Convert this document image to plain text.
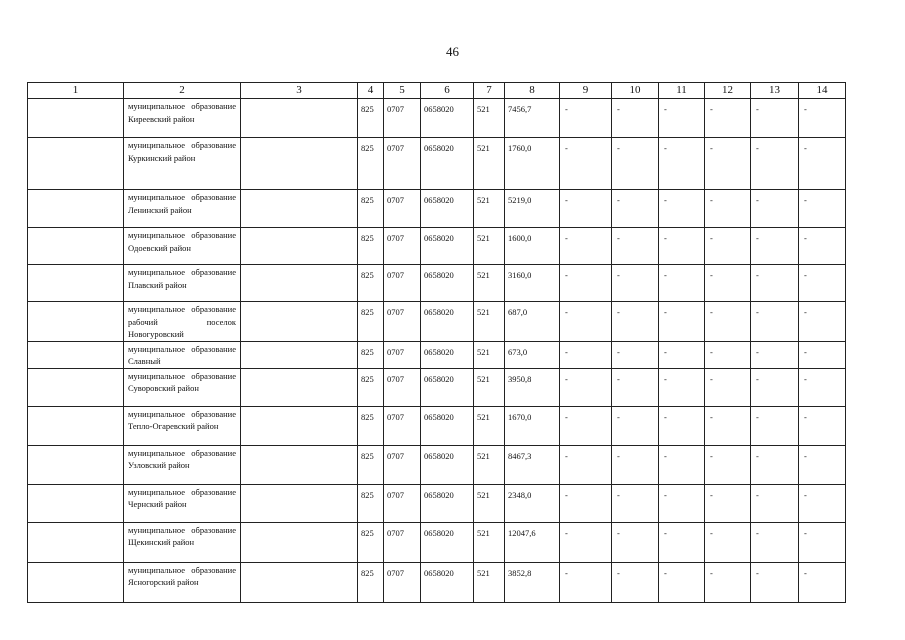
46
1	2	3	4	5	6	7	8	9	10	11	12	13	14
	муниципальное образование Киреевский район		825	0707	0658020	521	7456,7	-	-	-	-	-	-
	муниципальное образование Куркинский район		825	0707	0658020	521	1760,0	-	-	-	-	-	-
	муниципальное образование Ленинский район		825	0707	0658020	521	5219,0	-	-	-	-	-	-
	муниципальное образование Одоевский район		825	0707	0658020	521	1600,0	-	-	-	-	-	-
	муниципальное образование Плавский район		825	0707	0658020	521	3160,0	-	-	-	-	-	-
	муниципальное образование рабочий поселок Новогуровский		825	0707	0658020	521	687,0	-	-	-	-	-	-
	муниципальное образование Славный		825	0707	0658020	521	673,0	-	-	-	-	-	-
	муниципальное образование Суворовский район		825	0707	0658020	521	3950,8	-	-	-	-	-	-
	муниципальное образование Тепло-Огаревский район		825	0707	0658020	521	1670,0	-	-	-	-	-	-
	муниципальное образование Узловский район		825	0707	0658020	521	8467,3	-	-	-	-	-	-
	муниципальное образование Чернский район		825	0707	0658020	521	2348,0	-	-	-	-	-	-
	муниципальное образование Щекинский район		825	0707	0658020	521	12047,6	-	-	-	-	-	-
	муниципальное образование Ясногорский район		825	0707	0658020	521	3852,8	-	-	-	-	-	-
